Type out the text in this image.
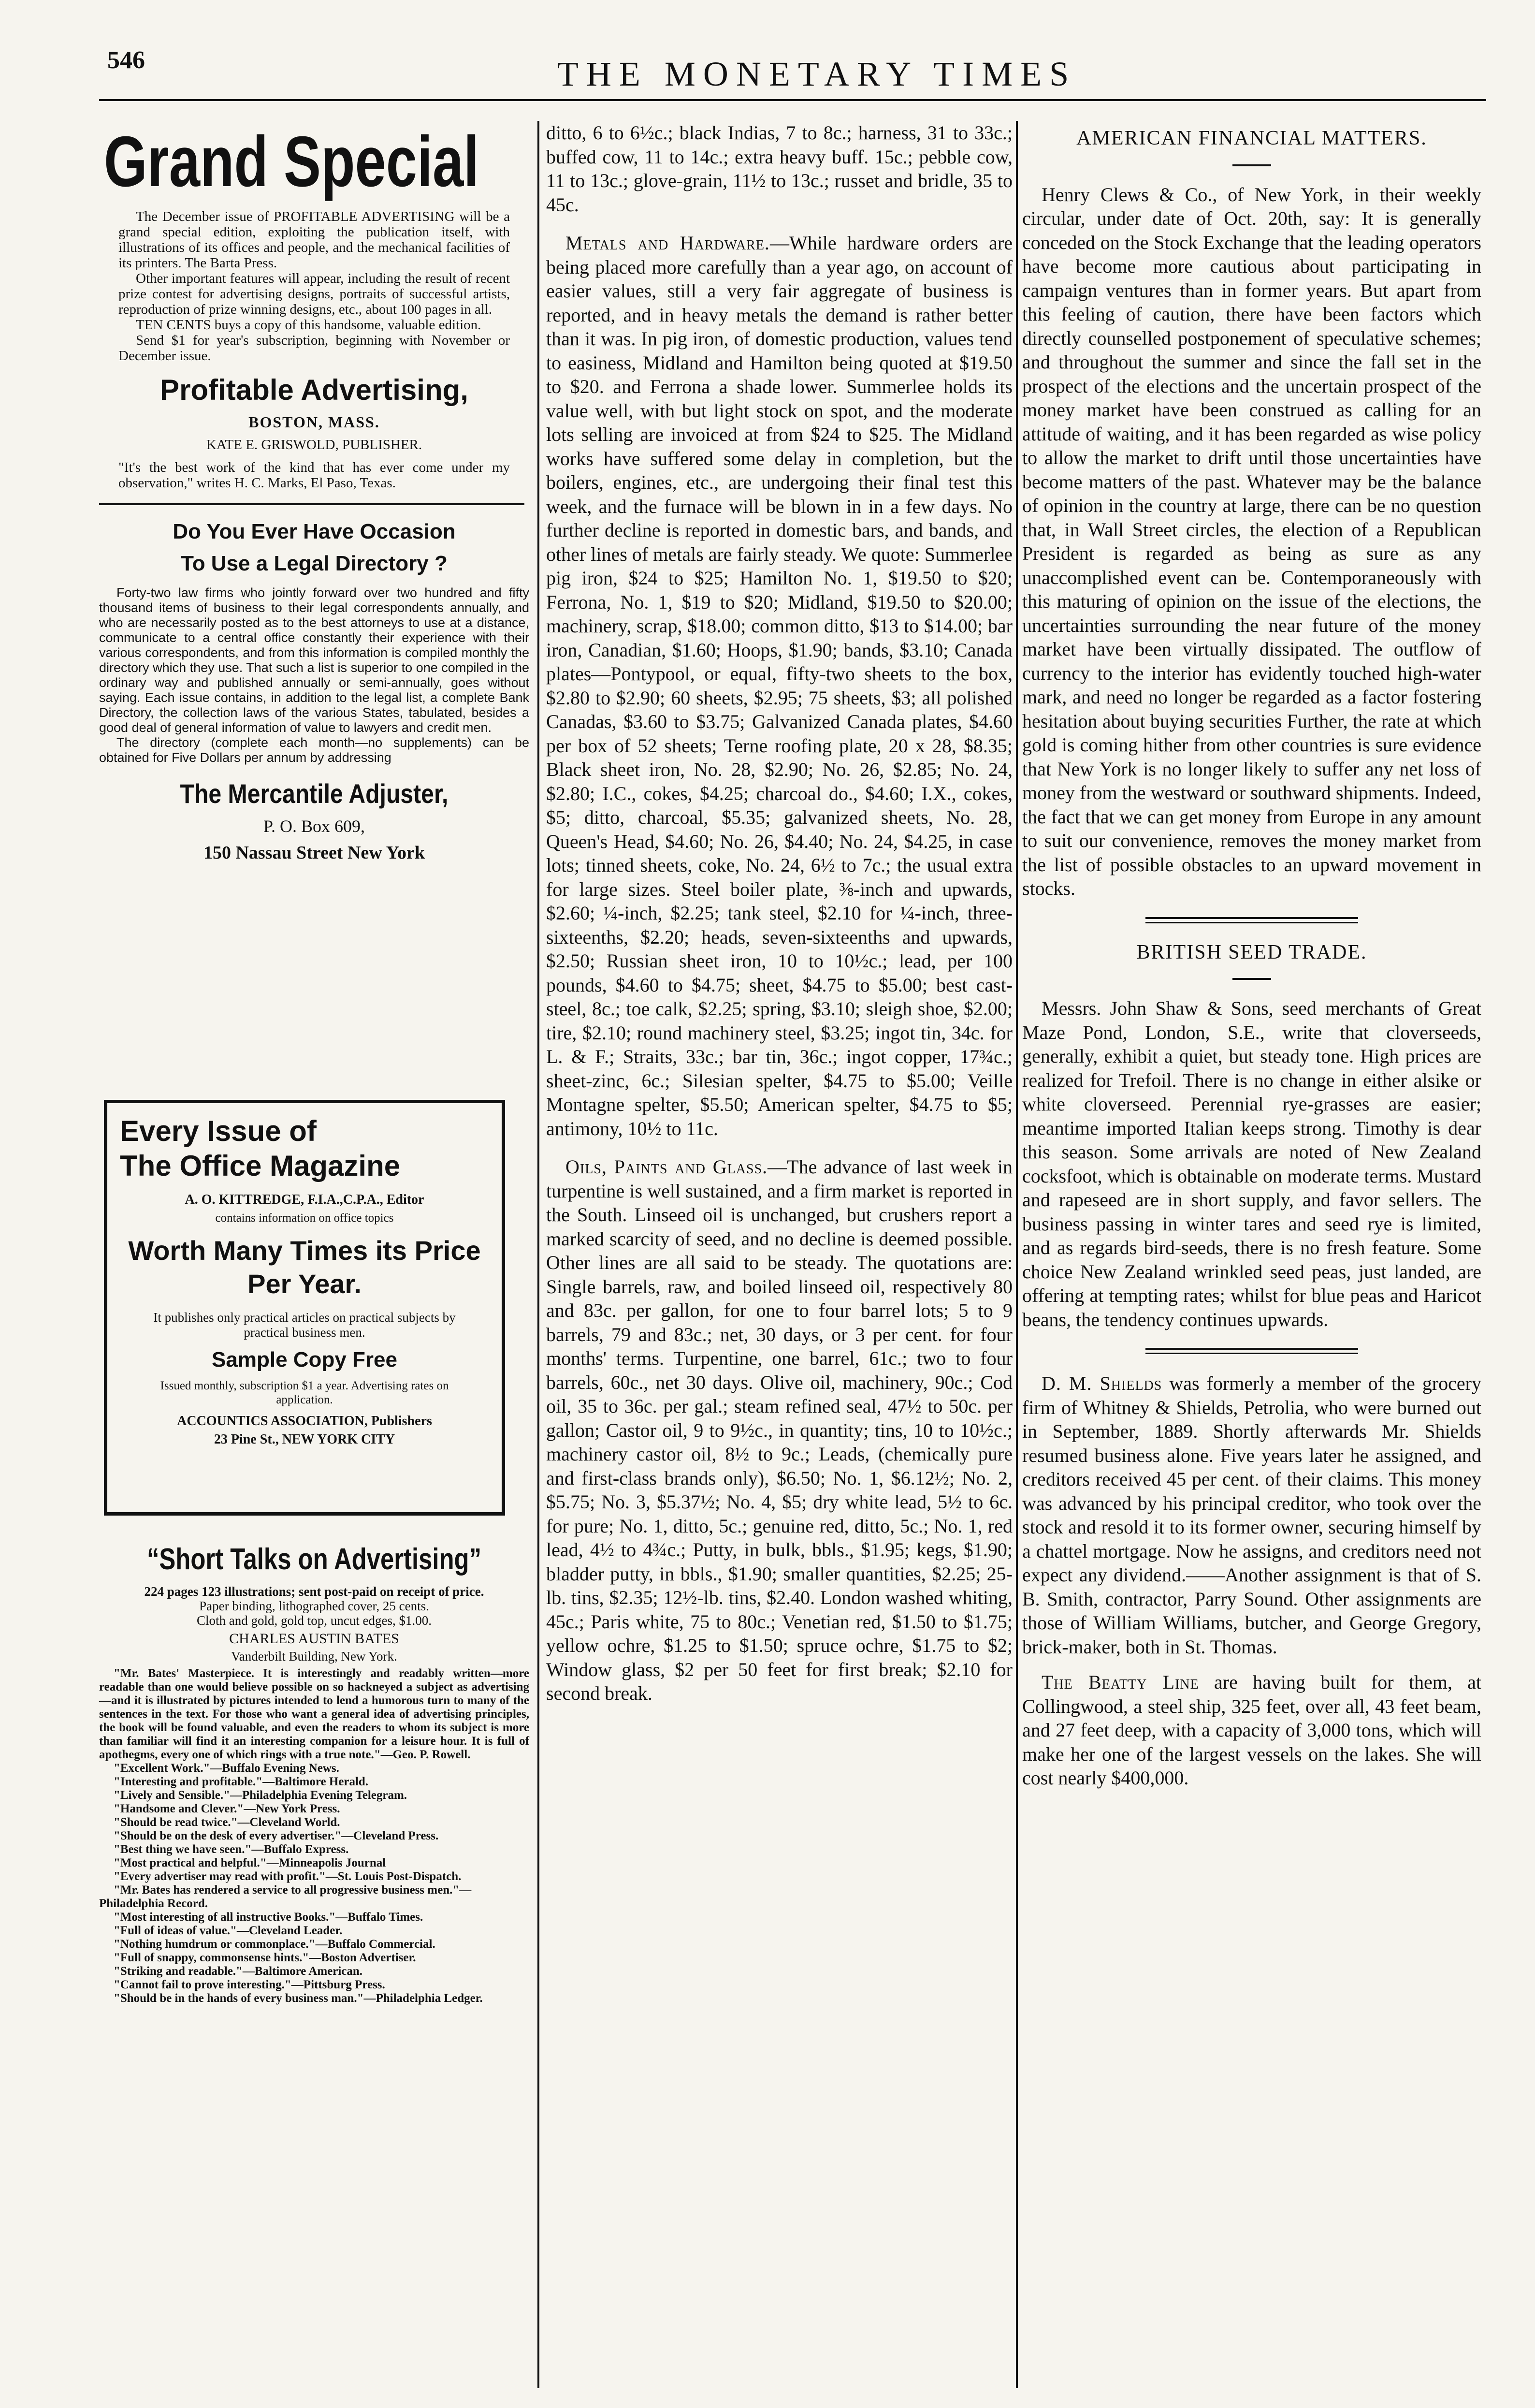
546	THE MONETARY TIMES
Grand Special

The December issue of PROFITABLE ADVERTISING will be a grand special edition, exploiting the publication itself, with illustrations of its offices and people, and the mechanical facilities of its printers. The Barta Press.

Other important features will appear, including the result of recent prize contest for advertising designs, portraits of successful artists, reproduction of prize winning designs, etc., about 100 pages in all.

TEN CENTS buys a copy of this handsome, valuable edition.

Send $1 for year's subscription, beginning with November or December issue.

Profitable Advertising,
BOSTON, MASS.
KATE E. GRISWOLD, PUBLISHER.
"It's the best work of the kind that has ever come under my observation," writes H. C. Marks, El Paso, Texas.
Do You Ever Have Occasion
To Use a Legal Directory ?

Forty-two law firms who jointly forward over two hundred and fifty thousand items of business to their legal correspondents annually, and who are necessarily posted as to the best attorneys to use at a distance, communicate to a central office constantly their experience with their various correspondents, and from this information is compiled monthly the directory which they use. That such a list is superior to one compiled in the ordinary way and published annually or semi-annually, goes without saying. Each issue contains, in addition to the legal list, a complete Bank Directory, the collection laws of the various States, tabulated, besides a good deal of general information of value to lawyers and credit men.

The directory (complete each month—no supplements) can be obtained for Five Dollars per annum by addressing

The Mercantile Adjuster,
P. O. Box 609,
150 Nassau Street New York
“Short Talks on Advertising”
224 pages 123 illustrations; sent post-paid on receipt of price.
Paper binding, lithographed cover, 25 cents.
Cloth and gold, gold top, uncut edges, $1.00.
CHARLES AUSTIN BATES
Vanderbilt Building, New York.
"Mr. Bates' Masterpiece. It is interestingly and readably written—more readable than one would believe possible on so hackneyed a subject as advertising—and it is illustrated by pictures intended to lend a humorous turn to many of the sentences in the text. For those who want a general idea of advertising principles, the book will be found valuable, and even the readers to whom its subject is more than familiar will find it an interesting companion for a leisure hour. It is full of apothegms, every one of which rings with a true note."—Geo. P. Rowell.
"Excellent Work."—Buffalo Evening News.
"Interesting and profitable."—Baltimore Herald.
"Lively and Sensible."—Philadelphia Evening Telegram.
"Handsome and Clever."—New York Press.
"Should be read twice."—Cleveland World.
"Should be on the desk of every advertiser."—Cleveland Press.
"Best thing we have seen."—Buffalo Express.
"Most practical and helpful."—Minneapolis Journal
"Every advertiser may read with profit."—St. Louis Post-Dispatch.
"Mr. Bates has rendered a service to all progressive business men."—Philadelphia Record.
"Most interesting of all instructive Books."—Buffalo Times.
"Full of ideas of value."—Cleveland Leader.
"Nothing humdrum or commonplace."—Buffalo Commercial.
"Full of snappy, commonsense hints."—Boston Advertiser.
"Striking and readable."—Baltimore American.
"Cannot fail to prove interesting."—Pittsburg Press.
"Should be in the hands of every business man."—Philadelphia Ledger.
Every Issue of
The Office Magazine
A. O. KITTREDGE, F.I.A.,C.P.A., Editor
contains information on office topics
Worth Many Times its Price
Per Year.
It publishes only practical articles on practical subjects by practical business men.
Sample Copy Free
Issued monthly, subscription $1 a year. Advertising rates on application.
ACCOUNTICS ASSOCIATION, Publishers
23 Pine St., NEW YORK CITY

ditto, 6 to 6½c.; black Indias, 7 to 8c.; harness, 31 to 33c.; buffed cow, 11 to 14c.; extra heavy buff. 15c.; pebble cow, 11 to 13c.; glove-grain, 11½ to 13c.; russet and bridle, 35 to 45c.

Metals and Hardware.—While hardware orders are being placed more carefully than a year ago, on account of easier values, still a very fair aggregate of business is reported, and in heavy metals the demand is rather better than it was. In pig iron, of domestic production, values tend to easiness, Midland and Hamilton being quoted at $19.50 to $20. and Ferrona a shade lower. Summerlee holds its value well, with but light stock on spot, and the moderate lots selling are invoiced at from $24 to $25. The Midland works have suffered some delay in completion, but the boilers, engines, etc., are undergoing their final test this week, and the furnace will be blown in in a few days. No further decline is reported in domestic bars, and bands, and other lines of metals are fairly steady. We quote: Summerlee pig iron, $24 to $25; Hamilton No. 1, $19.50 to $20; Ferrona, No. 1, $19 to $20; Midland, $19.50 to $20.00; machinery, scrap, $18.00; common ditto, $13 to $14.00; bar iron, Canadian, $1.60; Hoops, $1.90; bands, $3.10; Canada plates—Pontypool, or equal, fifty-two sheets to the box, $2.80 to $2.90; 60 sheets, $2.95; 75 sheets, $3; all polished Canadas, $3.60 to $3.75; Galvanized Canada plates, $4.60 per box of 52 sheets; Terne roofing plate, 20 x 28, $8.35; Black sheet iron, No. 28, $2.90; No. 26, $2.85; No. 24, $2.80; I.C., cokes, $4.25; charcoal do., $4.60; I.X., cokes, $5; ditto, charcoal, $5.35; galvanized sheets, No. 28, Queen's Head, $4.60; No. 26, $4.40; No. 24, $4.25, in case lots; tinned sheets, coke, No. 24, 6½ to 7c.; the usual extra for large sizes. Steel boiler plate, ⅜-inch and upwards, $2.60; ¼-inch, $2.25; tank steel, $2.10 for ¼-inch, three-sixteenths, $2.20; heads, seven-sixteenths and upwards, $2.50; Russian sheet iron, 10 to 10½c.; lead, per 100 pounds, $4.60 to $4.75; sheet, $4.75 to $5.00; best cast-steel, 8c.; toe calk, $2.25; spring, $3.10; sleigh shoe, $2.00; tire, $2.10; round machinery steel, $3.25; ingot tin, 34c. for L. & F.; Straits, 33c.; bar tin, 36c.; ingot copper, 17¾c.; sheet-zinc, 6c.; Silesian spelter, $4.75 to $5.00; Veille Montagne spelter, $5.50; American spelter, $4.75 to $5; antimony, 10½ to 11c.

Oils, Paints and Glass.—The advance of last week in turpentine is well sustained, and a firm market is reported in the South. Linseed oil is unchanged, but crushers report a marked scarcity of seed, and no decline is deemed possible. Other lines are all said to be steady. The quotations are: Single barrels, raw, and boiled linseed oil, respectively 80 and 83c. per gallon, for one to four barrel lots; 5 to 9 barrels, 79 and 83c.; net, 30 days, or 3 per cent. for four months' terms. Turpentine, one barrel, 61c.; two to four barrels, 60c., net 30 days. Olive oil, machinery, 90c.; Cod oil, 35 to 36c. per gal.; steam refined seal, 47½ to 50c. per gallon; Castor oil, 9 to 9½c., in quantity; tins, 10 to 10½c.; machinery castor oil, 8½ to 9c.; Leads, (chemically pure and first-class brands only), $6.50; No. 1, $6.12½; No. 2, $5.75; No. 3, $5.37½; No. 4, $5; dry white lead, 5½ to 6c. for pure; No. 1, ditto, 5c.; genuine red, ditto, 5c.; No. 1, red lead, 4½ to 4¾c.; Putty, in bulk, bbls., $1.95; kegs, $1.90; bladder putty, in bbls., $1.90; smaller quantities, $2.25; 25-lb. tins, $2.35; 12½-lb. tins, $2.40. London washed whiting, 45c.; Paris white, 75 to 80c.; Venetian red, $1.50 to $1.75; yellow ochre, $1.25 to $1.50; spruce ochre, $1.75 to $2; Window glass, $2 per 50 feet for first break; $2.10 for second break.

AMERICAN FINANCIAL MATTERS.

Henry Clews & Co., of New York, in their weekly circular, under date of Oct. 20th, say: It is generally conceded on the Stock Exchange that the leading operators have become more cautious about participating in campaign ventures than in former years. But apart from this feeling of caution, there have been factors which directly counselled postponement of speculative schemes; and throughout the summer and since the fall set in the prospect of the elections and the uncertain prospect of the money market have been construed as calling for an attitude of waiting, and it has been regarded as wise policy to allow the market to drift until those uncertainties have become matters of the past. Whatever may be the balance of opinion in the country at large, there can be no question that, in Wall Street circles, the election of a Republican President is regarded as being as sure as any unaccomplished event can be. Contemporaneously with this maturing of opinion on the issue of the elections, the uncertainties surrounding the near future of the money market have been virtually dissipated. The outflow of currency to the interior has evidently touched high-water mark, and need no longer be regarded as a factor fostering hesitation about buying securities Further, the rate at which gold is coming hither from other countries is sure evidence that New York is no longer likely to suffer any net loss of money from the westward or southward shipments. Indeed, the fact that we can get money from Europe in any amount to suit our convenience, removes the money market from the list of possible obstacles to an upward movement in stocks.

BRITISH SEED TRADE.

Messrs. John Shaw & Sons, seed merchants of Great Maze Pond, London, S.E., write that cloverseeds, generally, exhibit a quiet, but steady tone. High prices are realized for Trefoil. There is no change in either alsike or white cloverseed. Perennial rye-grasses are easier; meantime imported Italian keeps strong. Timothy is dear this season. Some arrivals are noted of New Zealand cocksfoot, which is obtainable on moderate terms. Mustard and rapeseed are in short supply, and favor sellers. The business passing in winter tares and seed rye is limited, and as regards bird-seeds, there is no fresh feature. Some choice New Zealand wrinkled seed peas, just landed, are offering at tempting rates; whilst for blue peas and Haricot beans, the tendency continues upwards.

D. M. Shields was formerly a member of the grocery firm of Whitney & Shields, Petrolia, who were burned out in September, 1889. Shortly afterwards Mr. Shields resumed business alone. Five years later he assigned, and creditors received 45 per cent. of their claims. This money was advanced by his principal creditor, who took over the stock and resold it to its former owner, securing himself by a chattel mortgage. Now he assigns, and creditors need not expect any dividend.——Another assignment is that of S. B. Smith, contractor, Parry Sound. Other assignments are those of William Williams, butcher, and George Gregory, brick-maker, both in St. Thomas.

The Beatty Line are having built for them, at Collingwood, a steel ship, 325 feet, over all, 43 feet beam, and 27 feet deep, with a capacity of 3,000 tons, which will make her one of the largest vessels on the lakes. She will cost nearly $400,000.
